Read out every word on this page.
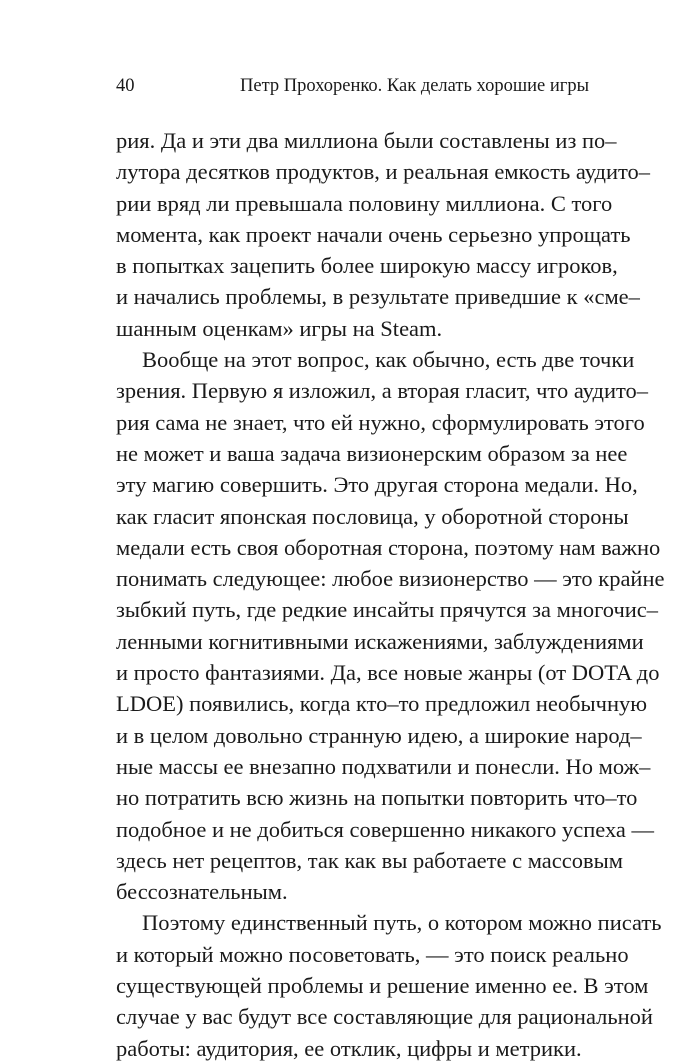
40	Петр Прохоренко. Как делать хорошие игры
рия. Да и эти два миллиона были составлены из по–
лутора десятков продуктов, и реальная емкость аудито–
рии вряд ли превышала половину миллиона. С того
момента, как проект начали очень серьезно упрощать
в попытках зацепить более широкую массу игроков,
и начались проблемы, в результате приведшие к «сме–
шанным оценкам» игры на Steam.
Вообще на этот вопрос, как обычно, есть две точки
зрения. Первую я изложил, а вторая гласит, что аудито–
рия сама не знает, что ей нужно, сформулировать этого
не может и ваша задача визионерским образом за нее
эту магию совершить. Это другая сторона медали. Но,
как гласит японская пословица, у оборотной стороны
медали есть своя оборотная сторона, поэтому нам важно
понимать следующее: любое визионерство — это крайне
зыбкий путь, где редкие инсайты прячутся за многочис–
ленными когнитивными искажениями, заблуждениями
и просто фантазиями. Да, все новые жанры (от DOTA до
LDOE) появились, когда кто–то предложил необычную
и в целом довольно странную идею, а широкие народ–
ные массы ее внезапно подхватили и понесли. Но мож–
но потратить всю жизнь на попытки повторить что–то
подобное и не добиться совершенно никакого успеха —
здесь нет рецептов, так как вы работаете с массовым
бессознательным.
Поэтому единственный путь, о котором можно писать
и который можно посоветовать, — это поиск реально
существующей проблемы и решение именно ее. В этом
случае у вас будут все составляющие для рациональной
работы: аудитория, ее отклик, цифры и метрики.
